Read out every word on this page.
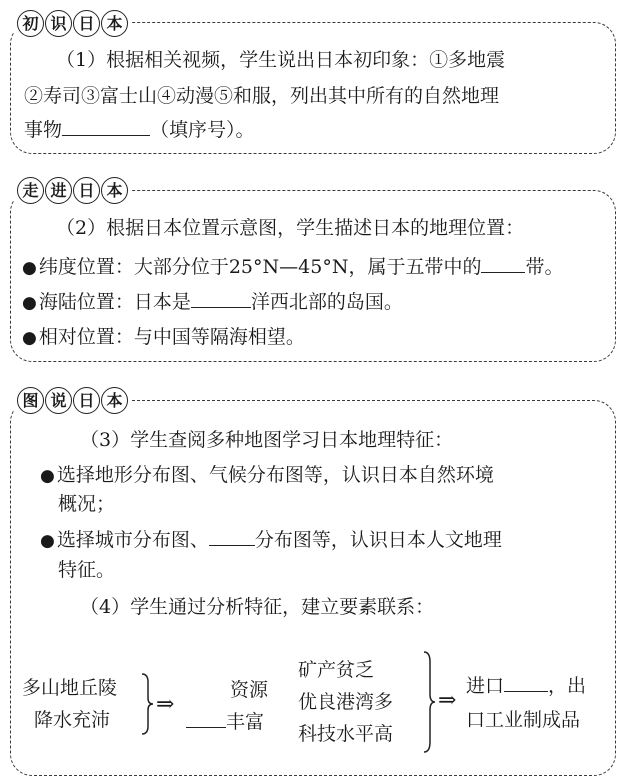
初 识 日 本
（1）根据相关视频，学生说出日本初印象：①多地震
②寿司③富士山④动漫⑤和服，列出其中所有的自然地理
事物	（填序号）。
走 进 日 本
（2）根据日本位置示意图，学生描述日本的地理位置：
● 纬度位置：大部分位于25°N—45°N，属于五带中的 带。
● 海陆位置：日本是	洋西北部的岛国。
● 相对位置：与中国等隔海相望。
图 说 日 本
（3）学生查阅多种地图学习日本地理特征：
● 选择地形分布图、气候分布图等，认识日本自然环境
概况；
● 选择城市分布图、 分布图等，认识日本人文地理
特征。
（4）学生通过分析特征，建立要素联系：
多山地丘陵
降水充沛
⇒
资源
丰富
矿产贫乏
优良港湾多
科技水平高
⇒
进口 ，出
口工业制成品
